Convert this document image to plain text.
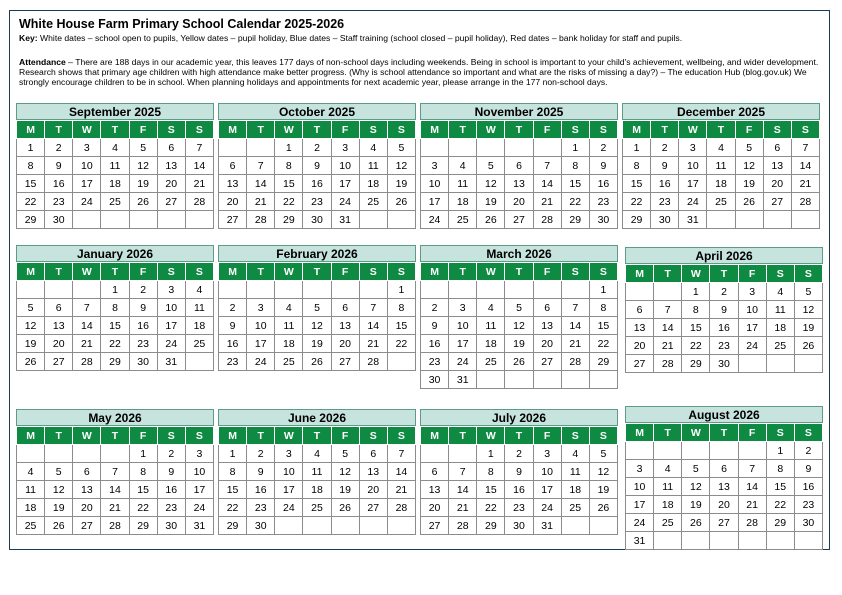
White House Farm Primary School Calendar 2025-2026
Key: White dates – school open to pupils, Yellow dates – pupil holiday, Blue dates – Staff training (school closed – pupil holiday), Red dates – bank holiday for staff and pupils.
Attendance – There are 188 days in our academic year, this leaves 177 days of non-school days including weekends. Being in school is important to your child's achievement, wellbeing, and wider development. Research shows that primary age children with high attendance make better progress. (Why is school attendance so important and what are the risks of missing a day?) – The education Hub (blog.gov.uk) We strongly encourage children to be in school. When planning holidays and appointments for next academic year, please arrange in the 177 non-school days.
September 2025
M	T	W	T	F	S	S
1	2	3	4	5	6	7
8	9	10	11	12	13	14
15	16	17	18	19	20	21
22	23	24	25	26	27	28
29	30					
October 2025
M	T	W	T	F	S	S
		1	2	3	4	5
6	7	8	9	10	11	12
13	14	15	16	17	18	19
20	21	22	23	24	25	26
27	28	29	30	31		
November 2025
M	T	W	T	F	S	S
					1	2
3	4	5	6	7	8	9
10	11	12	13	14	15	16
17	18	19	20	21	22	23
24	25	26	27	28	29	30
December 2025
M	T	W	T	F	S	S
1	2	3	4	5	6	7
8	9	10	11	12	13	14
15	16	17	18	19	20	21
22	23	24	25	26	27	28
29	30	31				
January 2026
M	T	W	T	F	S	S
			1	2	3	4
5	6	7	8	9	10	11
12	13	14	15	16	17	18
19	20	21	22	23	24	25
26	27	28	29	30	31	
February 2026
M	T	W	T	F	S	S
						1
2	3	4	5	6	7	8
9	10	11	12	13	14	15
16	17	18	19	20	21	22
23	24	25	26	27	28	
March 2026
M	T	W	T	F	S	S
						1
2	3	4	5	6	7	8
9	10	11	12	13	14	15
16	17	18	19	20	21	22
23	24	25	26	27	28	29
30	31					
April 2026
M	T	W	T	F	S	S
		1	2	3	4	5
6	7	8	9	10	11	12
13	14	15	16	17	18	19
20	21	22	23	24	25	26
27	28	29	30			
May 2026
M	T	W	T	F	S	S
				1	2	3
4	5	6	7	8	9	10
11	12	13	14	15	16	17
18	19	20	21	22	23	24
25	26	27	28	29	30	31
June 2026
M	T	W	T	F	S	S
1	2	3	4	5	6	7
8	9	10	11	12	13	14
15	16	17	18	19	20	21
22	23	24	25	26	27	28
29	30					
July 2026
M	T	W	T	F	S	S
		1	2	3	4	5
6	7	8	9	10	11	12
13	14	15	16	17	18	19
20	21	22	23	24	25	26
27	28	29	30	31		
August 2026
M	T	W	T	F	S	S
					1	2
3	4	5	6	7	8	9
10	11	12	13	14	15	16
17	18	19	20	21	22	23
24	25	26	27	28	29	30
31						
